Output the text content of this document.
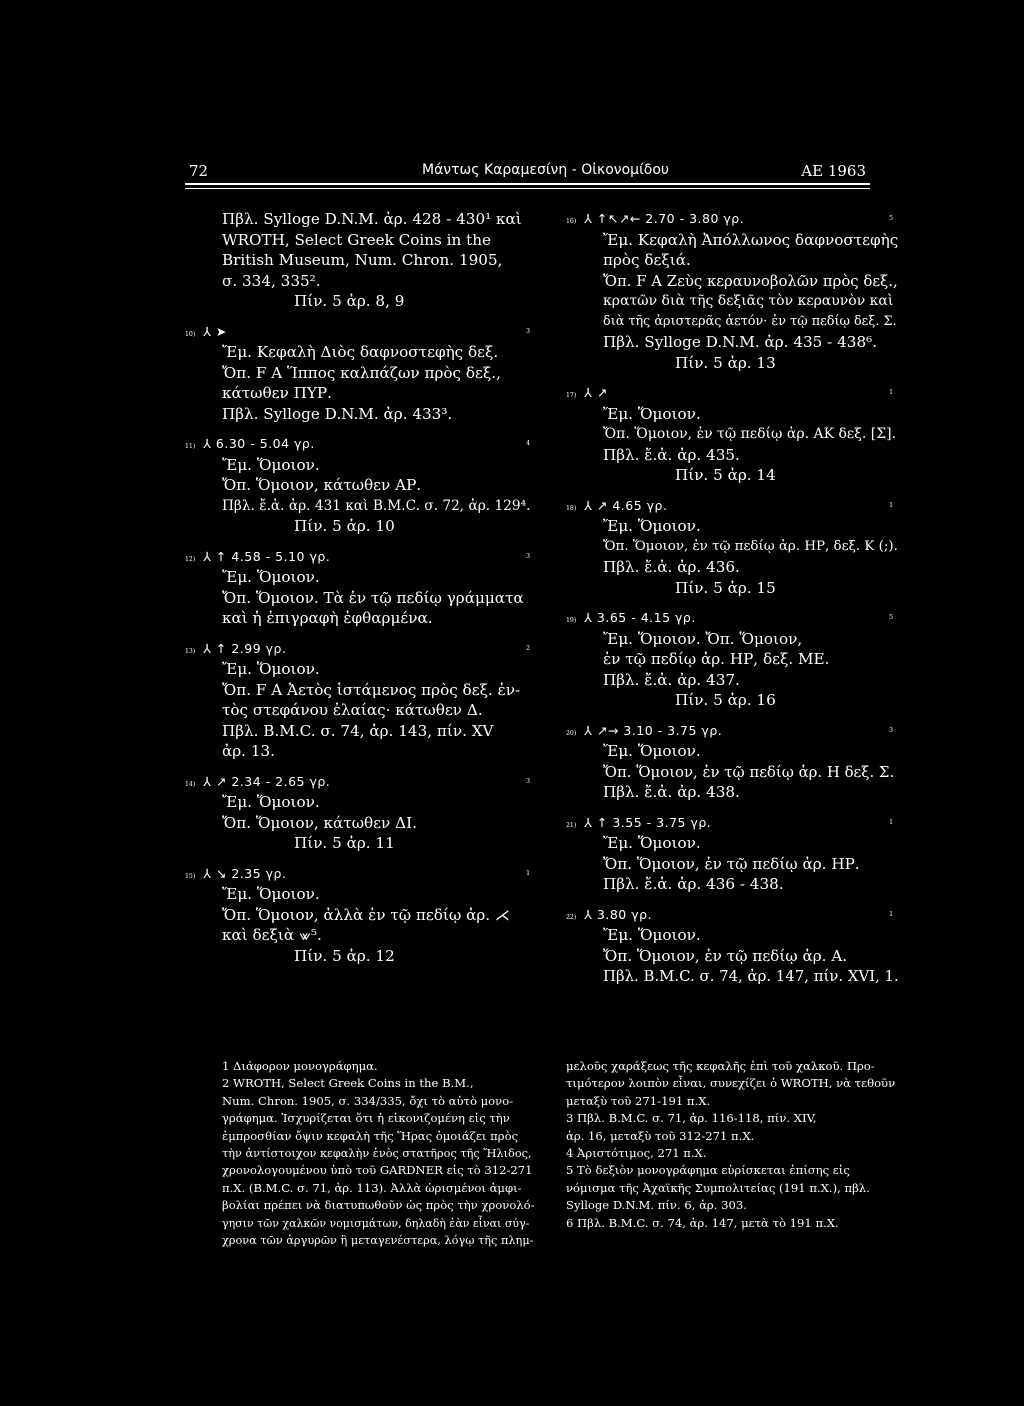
72	Μάντως Καραμεσίνη - Οἰκονομίδου	ΑΕ 1963
Πβλ. Sylloge D.N.M. ἀρ. 428 - 430¹ καὶ
WROTH, Select Greek Coins in the
British Museum, Num. Chron. 1905,
σ. 334, 335².
Πίν. 5 ἀρ. 8, 9
10) ⅄ ➤	3
Ἔμ. Κεφαλὴ Διὸς δαφνοστεφὴς δεξ.
Ὄπ. F A Ἵππος καλπάζων πρὸς δεξ.,
κάτωθεν ΠΥΡ.
Πβλ. Sylloge D.N.M. ἀρ. 433³.
11) ⅄ 6.30 - 5.04 γρ.	4
Ἔμ. Ὅμοιον.
Ὄπ. Ὅμοιον, κάτωθεν ΑΡ.
Πβλ. ἔ.ἀ. ἀρ. 431 καὶ B.M.C. σ. 72, ἀρ. 129⁴.
Πίν. 5 ἀρ. 10
12) ⅄ ↑ 4.58 - 5.10 γρ.	3
Ἔμ. Ὅμοιον.
Ὄπ. Ὅμοιον. Τὰ ἐν τῷ πεδίῳ γράμματα
καὶ ἡ ἐπιγραφὴ ἐφθαρμένα.
13) ⅄ ↑ 2.99 γρ.	2
Ἔμ. Ὅμοιον.
Ὄπ. F A Ἀετὸς ἱστάμενος πρὸς δεξ. ἐν-
τὸς στεφάνου ἐλαίας· κάτωθεν Δ.
Πβλ. B.M.C. σ. 74, ἀρ. 143, πίν. XV
ἀρ. 13.
14) ⅄ ↗ 2.34 - 2.65 γρ.	3
Ἔμ. Ὅμοιον.
Ὄπ. Ὅμοιον, κάτωθεν ΔΙ.
Πίν. 5 ἀρ. 11
15) ⅄ ↘ 2.35 γρ.	1
Ἔμ. Ὅμοιον.
Ὄπ. Ὅμοιον, ἀλλὰ ἐν τῷ πεδίῳ ἀρ. ⋌
καὶ δεξιὰ ⩖⁵.
Πίν. 5 ἀρ. 12
16) ⅄ ↑↖↗← 2.70 - 3.80 γρ.	5
Ἔμ. Κεφαλὴ Ἀπόλλωνος δαφνοστεφὴς
πρὸς δεξιά.
Ὄπ. F A Ζεὺς κεραυνοβολῶν πρὸς δεξ.,
κρατῶν διὰ τῆς δεξιᾶς τὸν κεραυνὸν καὶ
διὰ τῆς ἀριστερᾶς ἀετόν· ἐν τῷ πεδίῳ δεξ. Σ.
Πβλ. Sylloge D.N.M. ἀρ. 435 - 438⁶.
Πίν. 5 ἀρ. 13
17) ⅄ ↗	1
Ἔμ. Ὅμοιον.
Ὄπ. Ὅμοιον, ἐν τῷ πεδίῳ ἀρ. ΑΚ δεξ. [Σ].
Πβλ. ἔ.ἀ. ἀρ. 435.
Πίν. 5 ἀρ. 14
18) ⅄ ↗ 4.65 γρ.	1
Ἔμ. Ὅμοιον.
Ὄπ. Ὅμοιον, ἐν τῷ πεδίῳ ἀρ. ΗΡ, δεξ. Κ (;).
Πβλ. ἔ.ἀ. ἀρ. 436.
Πίν. 5 ἀρ. 15
19) ⅄ 3.65 - 4.15 γρ.	5
Ἔμ. Ὅμοιον. Ὄπ. Ὅμοιον,
ἐν τῷ πεδίῳ ἀρ. ΗΡ, δεξ. ΜΕ.
Πβλ. ἔ.ἀ. ἀρ. 437.
Πίν. 5 ἀρ. 16
20) ⅄ ↗→ 3.10 - 3.75 γρ.	3
Ἔμ. Ὅμοιον.
Ὄπ. Ὅμοιον, ἐν τῷ πεδίῳ ἀρ. Η δεξ. Σ.
Πβλ. ἔ.ἀ. ἀρ. 438.
21) ⅄ ↑ 3.55 - 3.75 γρ.	1
Ἔμ. Ὅμοιον.
Ὄπ. Ὅμοιον, ἐν τῷ πεδίῳ ἀρ. ΗΡ.
Πβλ. ἔ.ἀ. ἀρ. 436 - 438.
22) ⅄ 3.80 γρ.	1
Ἔμ. Ὅμοιον.
Ὄπ. Ὅμοιον, ἐν τῷ πεδίῳ ἀρ. Α.
Πβλ. B.M.C. σ. 74, ἀρ. 147, πίν. XVI, 1.
1 Διάφορον μονογράφημα.
2 WROTH, Select Greek Coins in the B.M.,
Num. Chron. 1905, σ. 334/335, ὄχι τὸ αὐτὸ μονο-
γράφημα. Ἰσχυρίζεται ὅτι ἡ εἰκονιζομένη εἰς τὴν
ἐμπροσθίαν ὄψιν κεφαλὴ τῆς Ἥρας ὁμοιάζει πρὸς
τὴν ἀντίστοιχον κεφαλὴν ἑνὸς στατῆρος τῆς Ἤλιδος,
χρονολογουμένου ὑπὸ τοῦ GARDNER εἰς τὸ 312-271
π.Χ. (B.M.C. σ. 71, ἀρ. 113). Ἀλλὰ ὡρισμένοι ἀμφι-
βολίαι πρέπει νὰ διατυπωθοῦν ὡς πρὸς τὴν χρονολό-
γησιν τῶν χαλκῶν νομισμάτων, δηλαδὴ ἐὰν εἶναι σύγ-
χρονα τῶν ἀργυρῶν ἢ μεταγενέστερα, λόγῳ τῆς πλημ-
μελοῦς χαράξεως τῆς κεφαλῆς ἐπὶ τοῦ χαλκοῦ. Προ-
τιμότερον λοιπὸν εἶναι, συνεχίζει ὁ WROTH, νὰ τεθοῦν
μεταξὺ τοῦ 271-191 π.Χ.
3 Πβλ. B.M.C. σ. 71, ἀρ. 116-118, πίν. XIV,
ἀρ. 16, μεταξὺ τοῦ 312-271 π.Χ.
4 Ἀριστότιμος, 271 π.Χ.
5 Τὸ δεξιὸν μονογράφημα εὑρίσκεται ἐπίσης εἰς
νόμισμα τῆς Ἀχαϊκῆς Συμπολιτείας (191 π.Χ.), πβλ.
Sylloge D.N.M. πίν. 6, ἀρ. 303.
6 Πβλ. B.M.C. σ. 74, ἀρ. 147, μετὰ τὸ 191 π.Χ.
